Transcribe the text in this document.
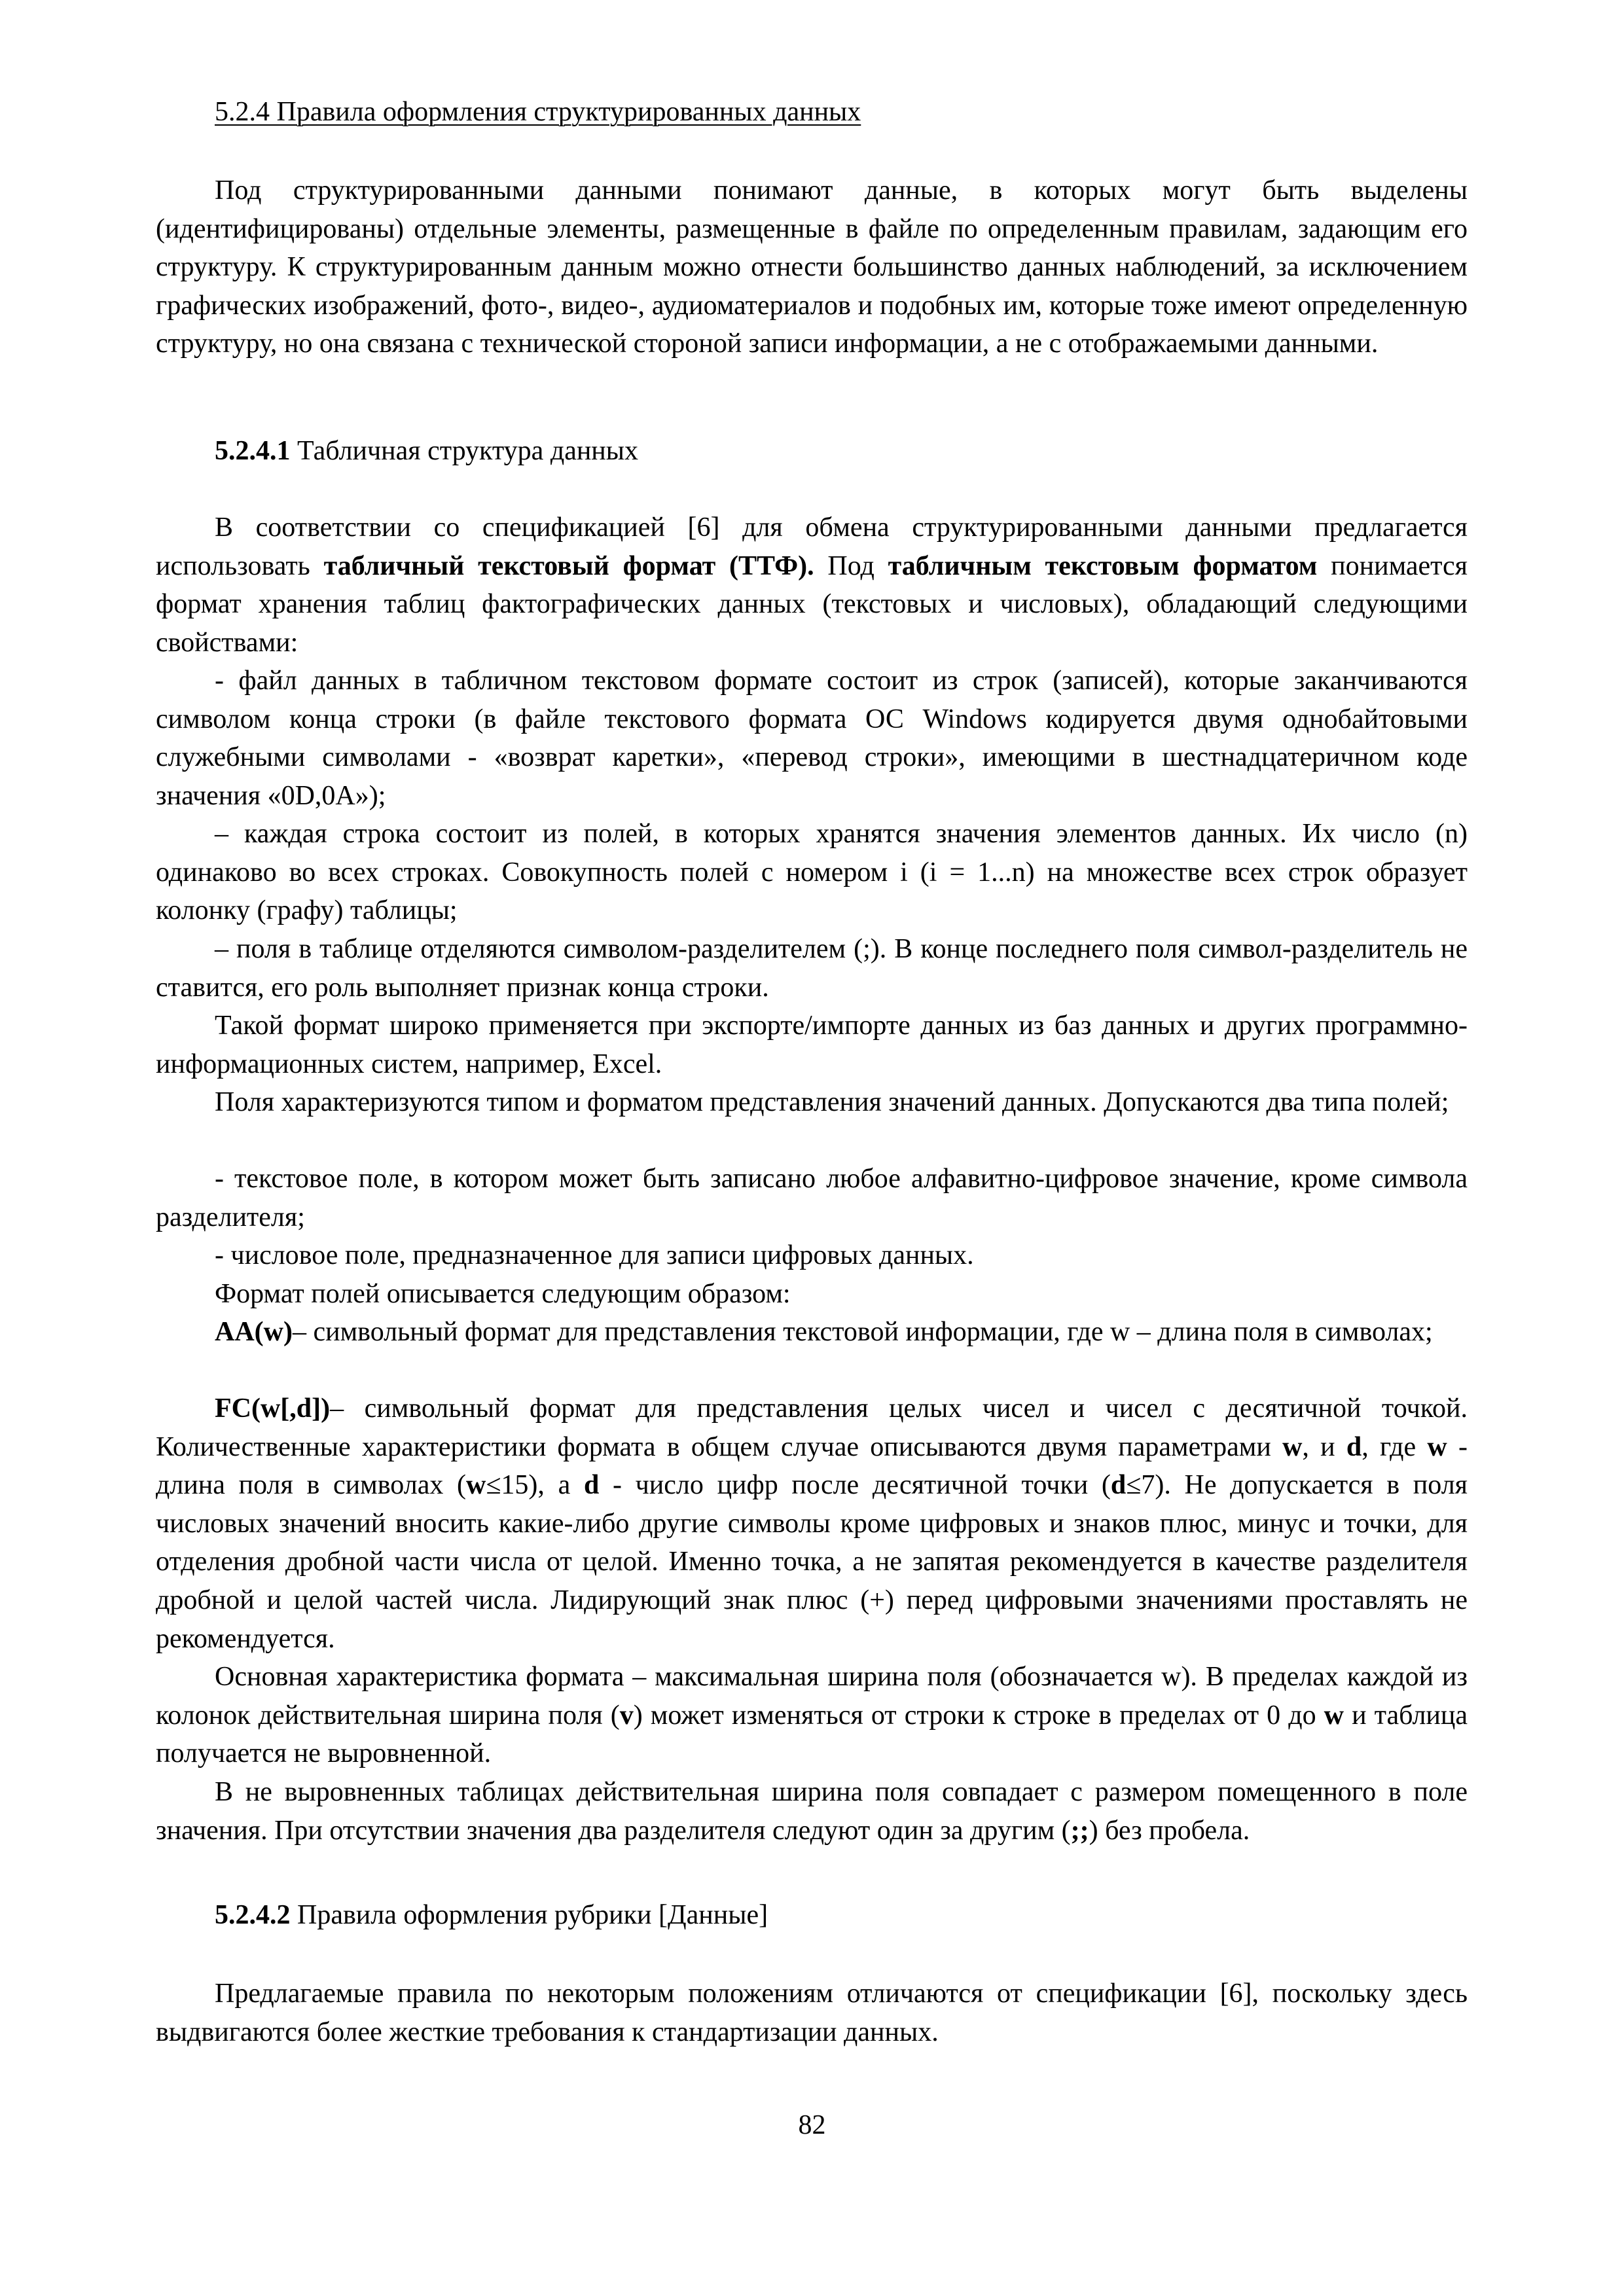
5.2.4 Правила оформления структурированных данных

Под структурированными данными понимают данные, в которых могут быть выделены (идентифицированы) отдельные элементы, размещенные в файле по определенным правилам, задающим его структуру. К структурированным данным можно отнести большинство данных наблюдений, за исключением графических изображений, фото-, видео-, аудиоматериалов и подобных им, которые тоже имеют определенную структуру, но она связана с технической стороной записи информации, а не с отображаемыми данными.

5.2.4.1 Табличная структура данных

В соответствии со спецификацией [6] для обмена структурированными данными предлагается использовать табличный текстовый формат (ТТФ). Под табличным текстовым форматом понимается формат хранения таблиц фактографических данных (текстовых и числовых), обладающий следующими свойствами:

- файл данных в табличном текстовом формате состоит из строк (записей), которые заканчиваются символом конца строки (в файле текстового формата ОС Windows кодируется двумя однобайтовыми служебными символами - «возврат каретки», «перевод строки», имеющими в шестнадцатеричном коде значения «0D,0A»);

– каждая строка состоит из полей, в которых хранятся значения элементов данных. Их число (n) одинаково во всех строках. Совокупность полей с номером i (i = 1...n) на множестве всех строк образует колонку (графу) таблицы;

– поля в таблице отделяются символом-разделителем (;). В конце последнего поля символ-разделитель не ставится, его роль выполняет признак конца строки.

Такой формат широко применяется при экспорте/импорте данных из баз данных и других программно-информационных систем, например, Excel.

Поля характеризуются типом и форматом представления значений данных. Допускаются два типа полей;

- текстовое поле, в котором может быть записано любое алфавитно-цифровое значение, кроме символа разделителя;

- числовое поле, предназначенное для записи цифровых данных.

Формат полей описывается следующим образом:

AA(w)– символьный формат для представления текстовой информации, где w – длина поля в символах;

FC(w[,d])– символьный формат для представления целых чисел и чисел с десятичной точкой. Количественные характеристики формата в общем случае описываются двумя параметрами w, и d, где w - длина поля в символах (w≤15), а d - число цифр после десятичной точки (d≤7). Не допускается в поля числовых значений вносить какие-либо другие символы кроме цифровых и знаков плюс, минус и точки, для отделения дробной части числа от целой. Именно точка, а не запятая рекомендуется в качестве разделителя дробной и целой частей числа. Лидирующий знак плюс (+) перед цифровыми значениями проставлять не рекомендуется.

Основная характеристика формата – максимальная ширина поля (обозначается w). В пределах каждой из колонок действительная ширина поля (v) может изменяться от строки к строке в пределах от 0 до w и таблица получается не выровненной.

В не выровненных таблицах действительная ширина поля совпадает с размером помещенного в поле значения. При отсутствии значения два разделителя следуют один за другим (;;) без пробела.

5.2.4.2 Правила оформления рубрики [Данные]

Предлагаемые правила по некоторым положениям отличаются от спецификации [6], поскольку здесь выдвигаются более жесткие требования к стандартизации данных.

82
